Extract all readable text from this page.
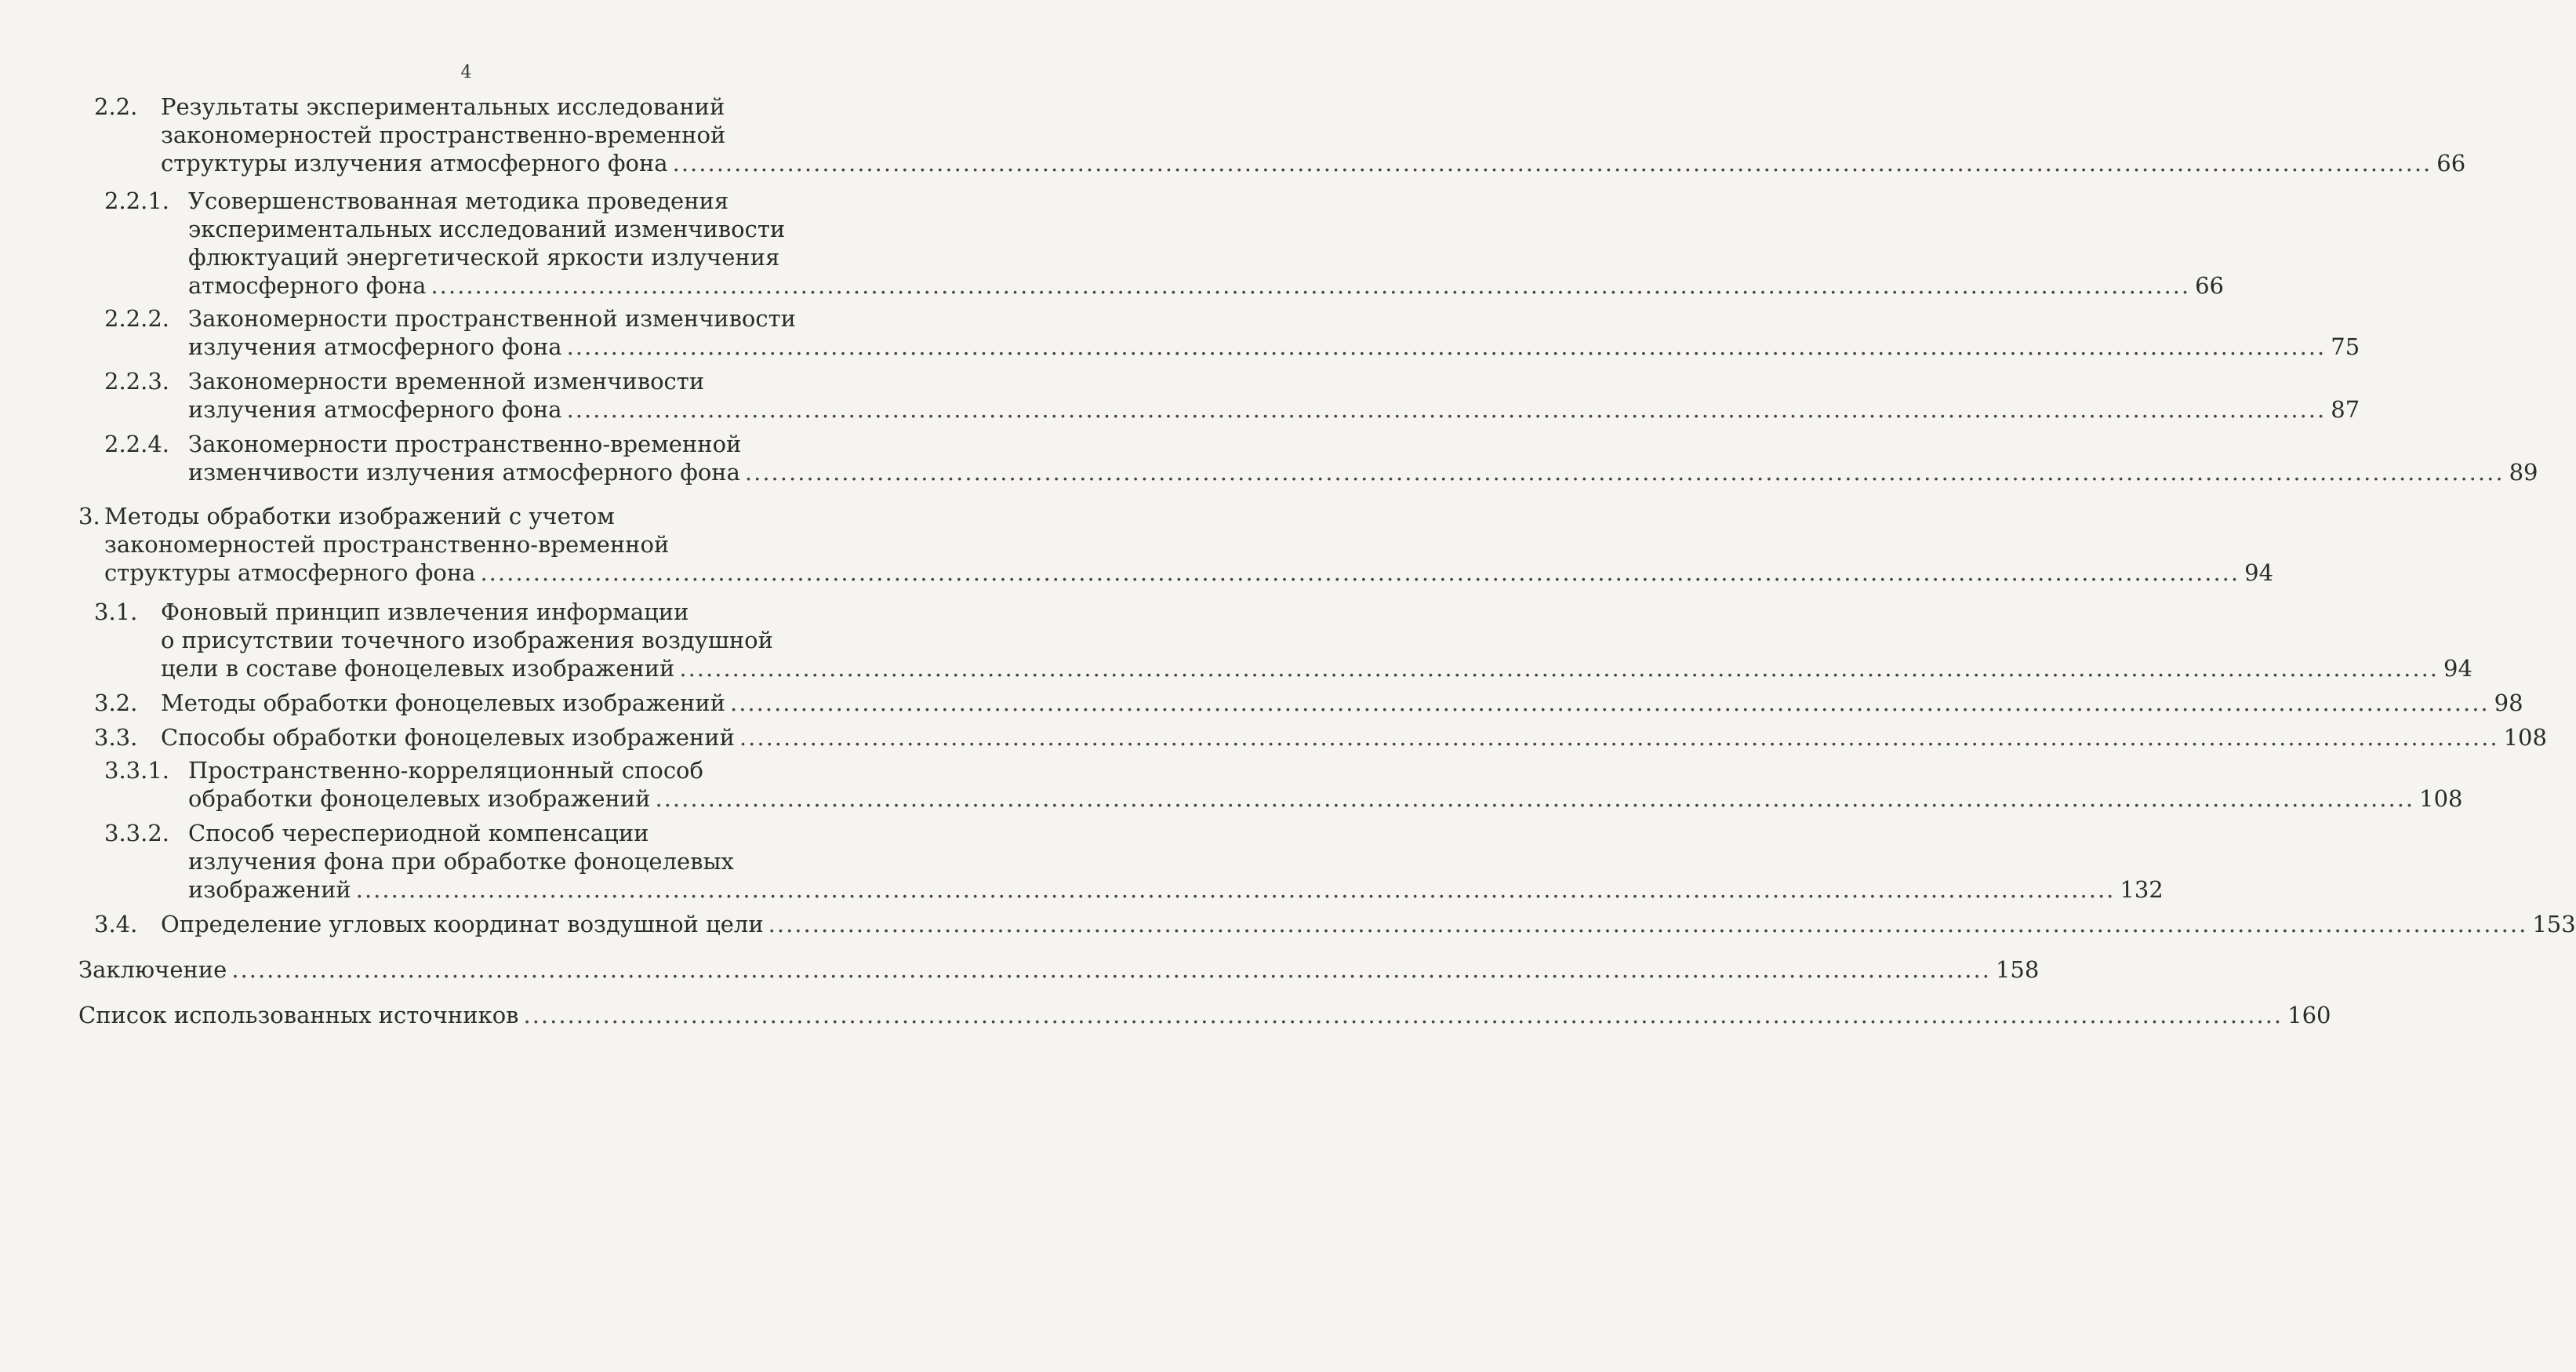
4
2.2. Результаты экспериментальных исследований
закономерностей пространственно-временной
структуры излучения атмосферного фона ........................................................................................................................................................................................................ 66
2.2.1. Усовершенствованная методика проведения
экспериментальных исследований изменчивости
флюктуаций энергетической яркости излучения
атмосферного фона ........................................................................................................................................................................................................ 66
2.2.2. Закономерности пространственной изменчивости
излучения атмосферного фона ........................................................................................................................................................................................................ 75
2.2.3. Закономерности временной изменчивости
излучения атмосферного фона ........................................................................................................................................................................................................ 87
2.2.4. Закономерности пространственно-временной
изменчивости излучения атмосферного фона ........................................................................................................................................................................................................ 89
3. Методы обработки изображений с учетом
закономерностей пространственно-временной
структуры атмосферного фона ........................................................................................................................................................................................................ 94
3.1. Фоновый принцип извлечения информации
о присутствии точечного изображения воздушной
цели в составе фоноцелевых изображений ........................................................................................................................................................................................................ 94
3.2. Методы обработки фоноцелевых изображений ........................................................................................................................................................................................................ 98
3.3. Способы обработки фоноцелевых изображений ........................................................................................................................................................................................................ 108
3.3.1. Пространственно-корреляционный способ
обработки фоноцелевых изображений ........................................................................................................................................................................................................ 108
3.3.2. Способ череспериодной компенсации
излучения фона при обработке фоноцелевых
изображений ........................................................................................................................................................................................................ 132
3.4. Определение угловых координат воздушной цели ........................................................................................................................................................................................................ 153
Заключение ........................................................................................................................................................................................................ 158
Список использованных источников ........................................................................................................................................................................................................ 160
